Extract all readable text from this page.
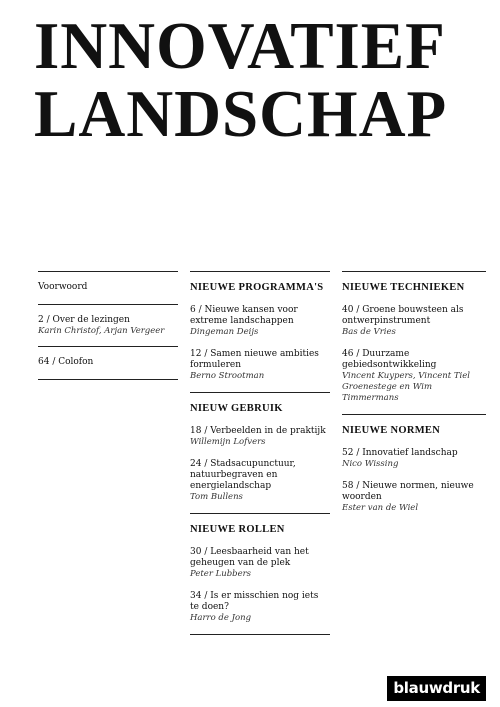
INNOVATIEF
LANDSCHAP
Voorwoord
2 / Over de lezingen
Karin Christof, Arjan Vergeer
64 / Colofon
NIEUWE PROGRAMMA'S
6 / Nieuwe kansen voor extreme landschappen
Dingeman Deijs
12 / Samen nieuwe ambities formuleren
Berno Strootman
NIEUW GEBRUIK
18 / Verbeelden in de praktijk
Willemijn Lofvers
24 / Stadsacupunctuur, natuurbegraven en energielandschap
Tom Bullens
NIEUWE ROLLEN
30 / Leesbaarheid van het geheugen van de plek
Peter Lubbers
34 / Is er misschien nog iets te doen?
Harro de Jong
NIEUWE TECHNIEKEN
40 / Groene bouwsteen als ontwerpinstrument
Bas de Vries
46 / Duurzame gebiedsontwikkeling
Vincent Kuypers, Vincent Tiel Groenestege en Wim Timmermans
NIEUWE NORMEN
52 / Innovatief landschap
Nico Wissing
58 / Nieuwe normen, nieuwe woorden
Ester van de Wiel
blauwdruk
